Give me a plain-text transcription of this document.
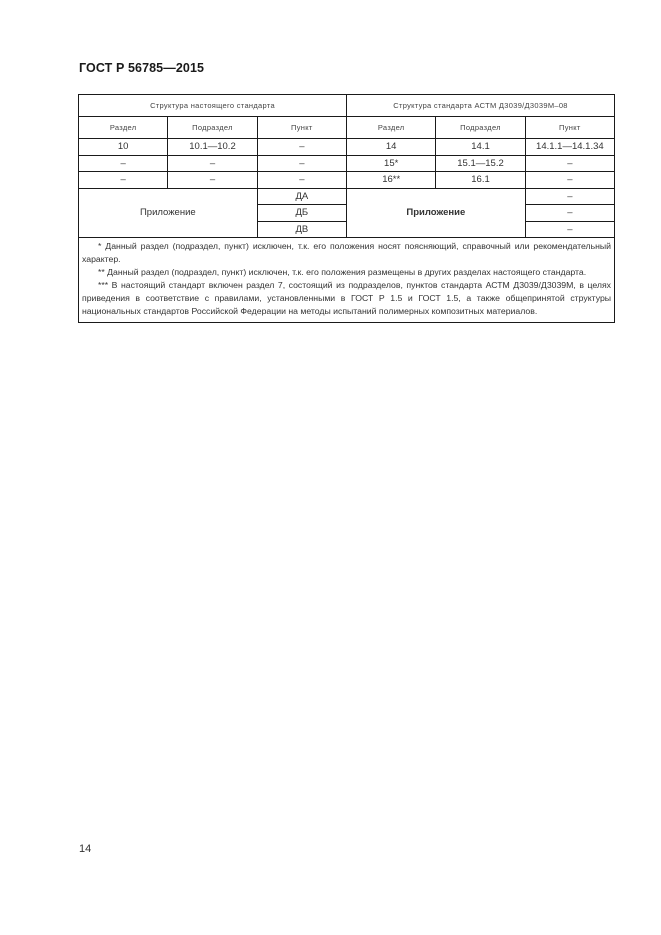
ГОСТ Р 56785—2015
Структура настоящего стандарта			Структура стандарта АСТМ Д3039/Д3039М–08		
Раздел	Подраздел	Пункт	Раздел	Подраздел	Пункт
10	10.1—10.2	–	14	14.1	14.1.1—14.1.34
–	–	–	15*	15.1—15.2	–
–	–	–	16**	16.1	–
Приложение		ДА	Приложение		–
		ДБ			–
		ДВ			–

* Данный раздел (подраздел, пункт) исключен, т.к. его положения носят поясняющий, справочный или рекомендательный характер.

** Данный раздел (подраздел, пункт) исключен, т.к. его положения размещены в других разделах настоящего стандарта.

*** В настоящий стандарт включен раздел 7, состоящий из подразделов, пунктов стандарта АСТМ Д3039/Д3039М, в целях приведения в соответствие с правилами, установленными в ГОСТ Р 1.5 и ГОСТ 1.5, а также общепринятой структуры национальных стандартов Российской Федерации на методы испытаний полимерных композитных материалов.					

14
